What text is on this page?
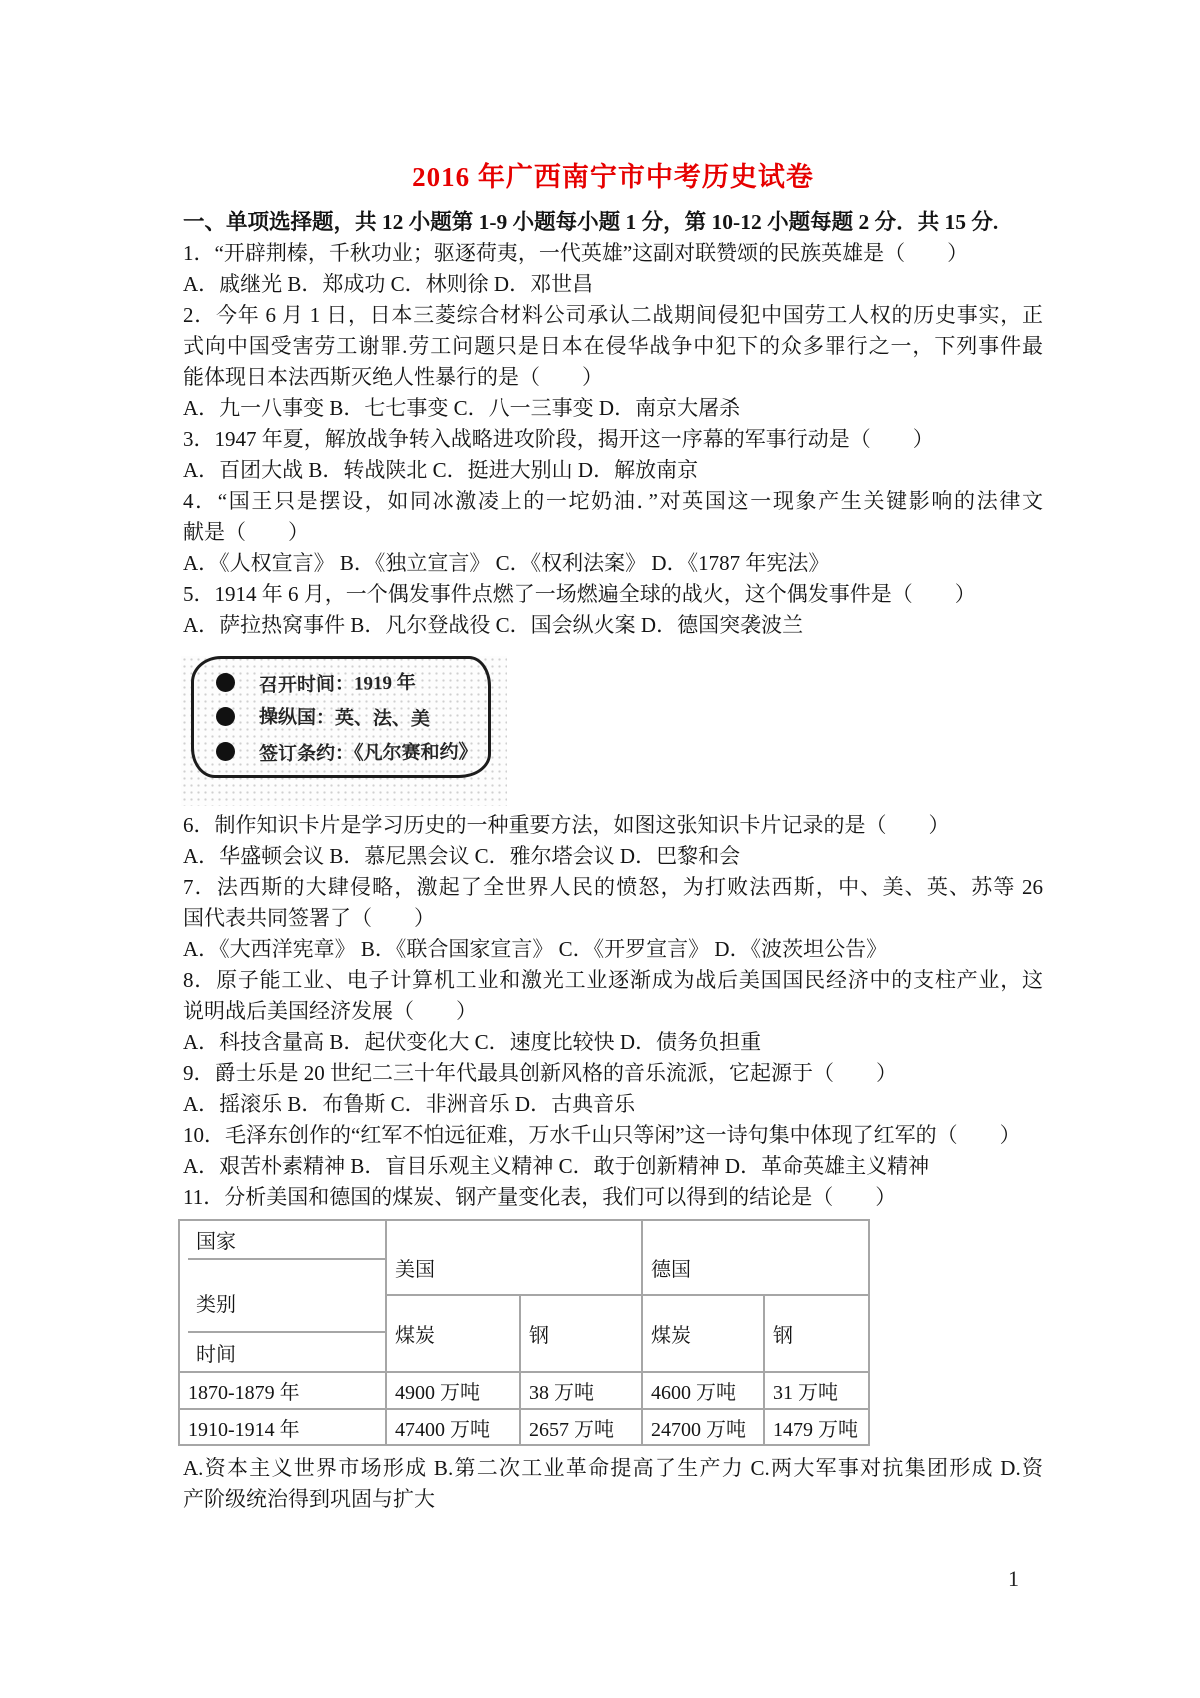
2016 年广西南宁市中考历史试卷
一、单项选择题，共 12 小题第 1-9 小题每小题 1 分，第 10-12 小题每题 2 分．共 15 分.
1．“开辟荆榛，千秋功业；驱逐荷夷，一代英雄”这副对联赞颂的民族英雄是（　　）
A．戚继光 B．郑成功 C．林则徐 D．邓世昌
2．今年 6 月 1 日，日本三菱综合材料公司承认二战期间侵犯中国劳工人权的历史事实，正
式向中国受害劳工谢罪.劳工问题只是日本在侵华战争中犯下的众多罪行之一，下列事件最
能体现日本法西斯灭绝人性暴行的是（　　）
A．九一八事变 B．七七事变 C．八一三事变 D．南京大屠杀
3．1947 年夏，解放战争转入战略进攻阶段，揭开这一序幕的军事行动是（　　）
A．百团大战 B．转战陕北 C．挺进大别山 D．解放南京
4．“国王只是摆设，如同冰激凌上的一坨奶油．”对英国这一现象产生关键影响的法律文
献是（　　）
A．《人权宣言》 B．《独立宣言》 C．《权利法案》 D．《1787 年宪法》
5．1914 年 6 月，一个偶发事件点燃了一场燃遍全球的战火，这个偶发事件是（　　）
A．萨拉热窝事件 B．凡尔登战役 C．国会纵火案 D．德国突袭波兰
召开时间：1919 年
操纵国：英、法、美
签订条约：《凡尔赛和约》
6．制作知识卡片是学习历史的一种重要方法，如图这张知识卡片记录的是（　　）
A．华盛顿会议 B．慕尼黑会议 C．雅尔塔会议 D．巴黎和会
7．法西斯的大肆侵略，激起了全世界人民的愤怒，为打败法西斯，中、美、英、苏等 26
国代表共同签署了（　　）
A．《大西洋宪章》 B．《联合国家宣言》 C．《开罗宣言》 D．《波茨坦公告》
8．原子能工业、电子计算机工业和激光工业逐渐成为战后美国国民经济中的支柱产业，这
说明战后美国经济发展（　　）
A．科技含量高 B．起伏变化大 C．速度比较快 D．债务负担重
9．爵士乐是 20 世纪二三十年代最具创新风格的音乐流派，它起源于（　　）
A．摇滚乐 B．布鲁斯 C．非洲音乐 D．古典音乐
10．毛泽东创作的“红军不怕远征难，万水千山只等闲”这一诗句集中体现了红军的（　　）
A．艰苦朴素精神 B．盲目乐观主义精神 C．敢于创新精神 D．革命英雄主义精神
11．分析美国和德国的煤炭、钢产量变化表，我们可以得到的结论是（　　）
国家
类别
时间	美国		德国	
	煤炭	钢	煤炭	钢
1870-1879 年	4900 万吨	38 万吨	4600 万吨	31 万吨
1910-1914 年	47400 万吨	2657 万吨	24700 万吨	1479 万吨
A.资本主义世界市场形成 B.第二次工业革命提高了生产力 C.两大军事对抗集团形成 D.资
产阶级统治得到巩固与扩大
1
